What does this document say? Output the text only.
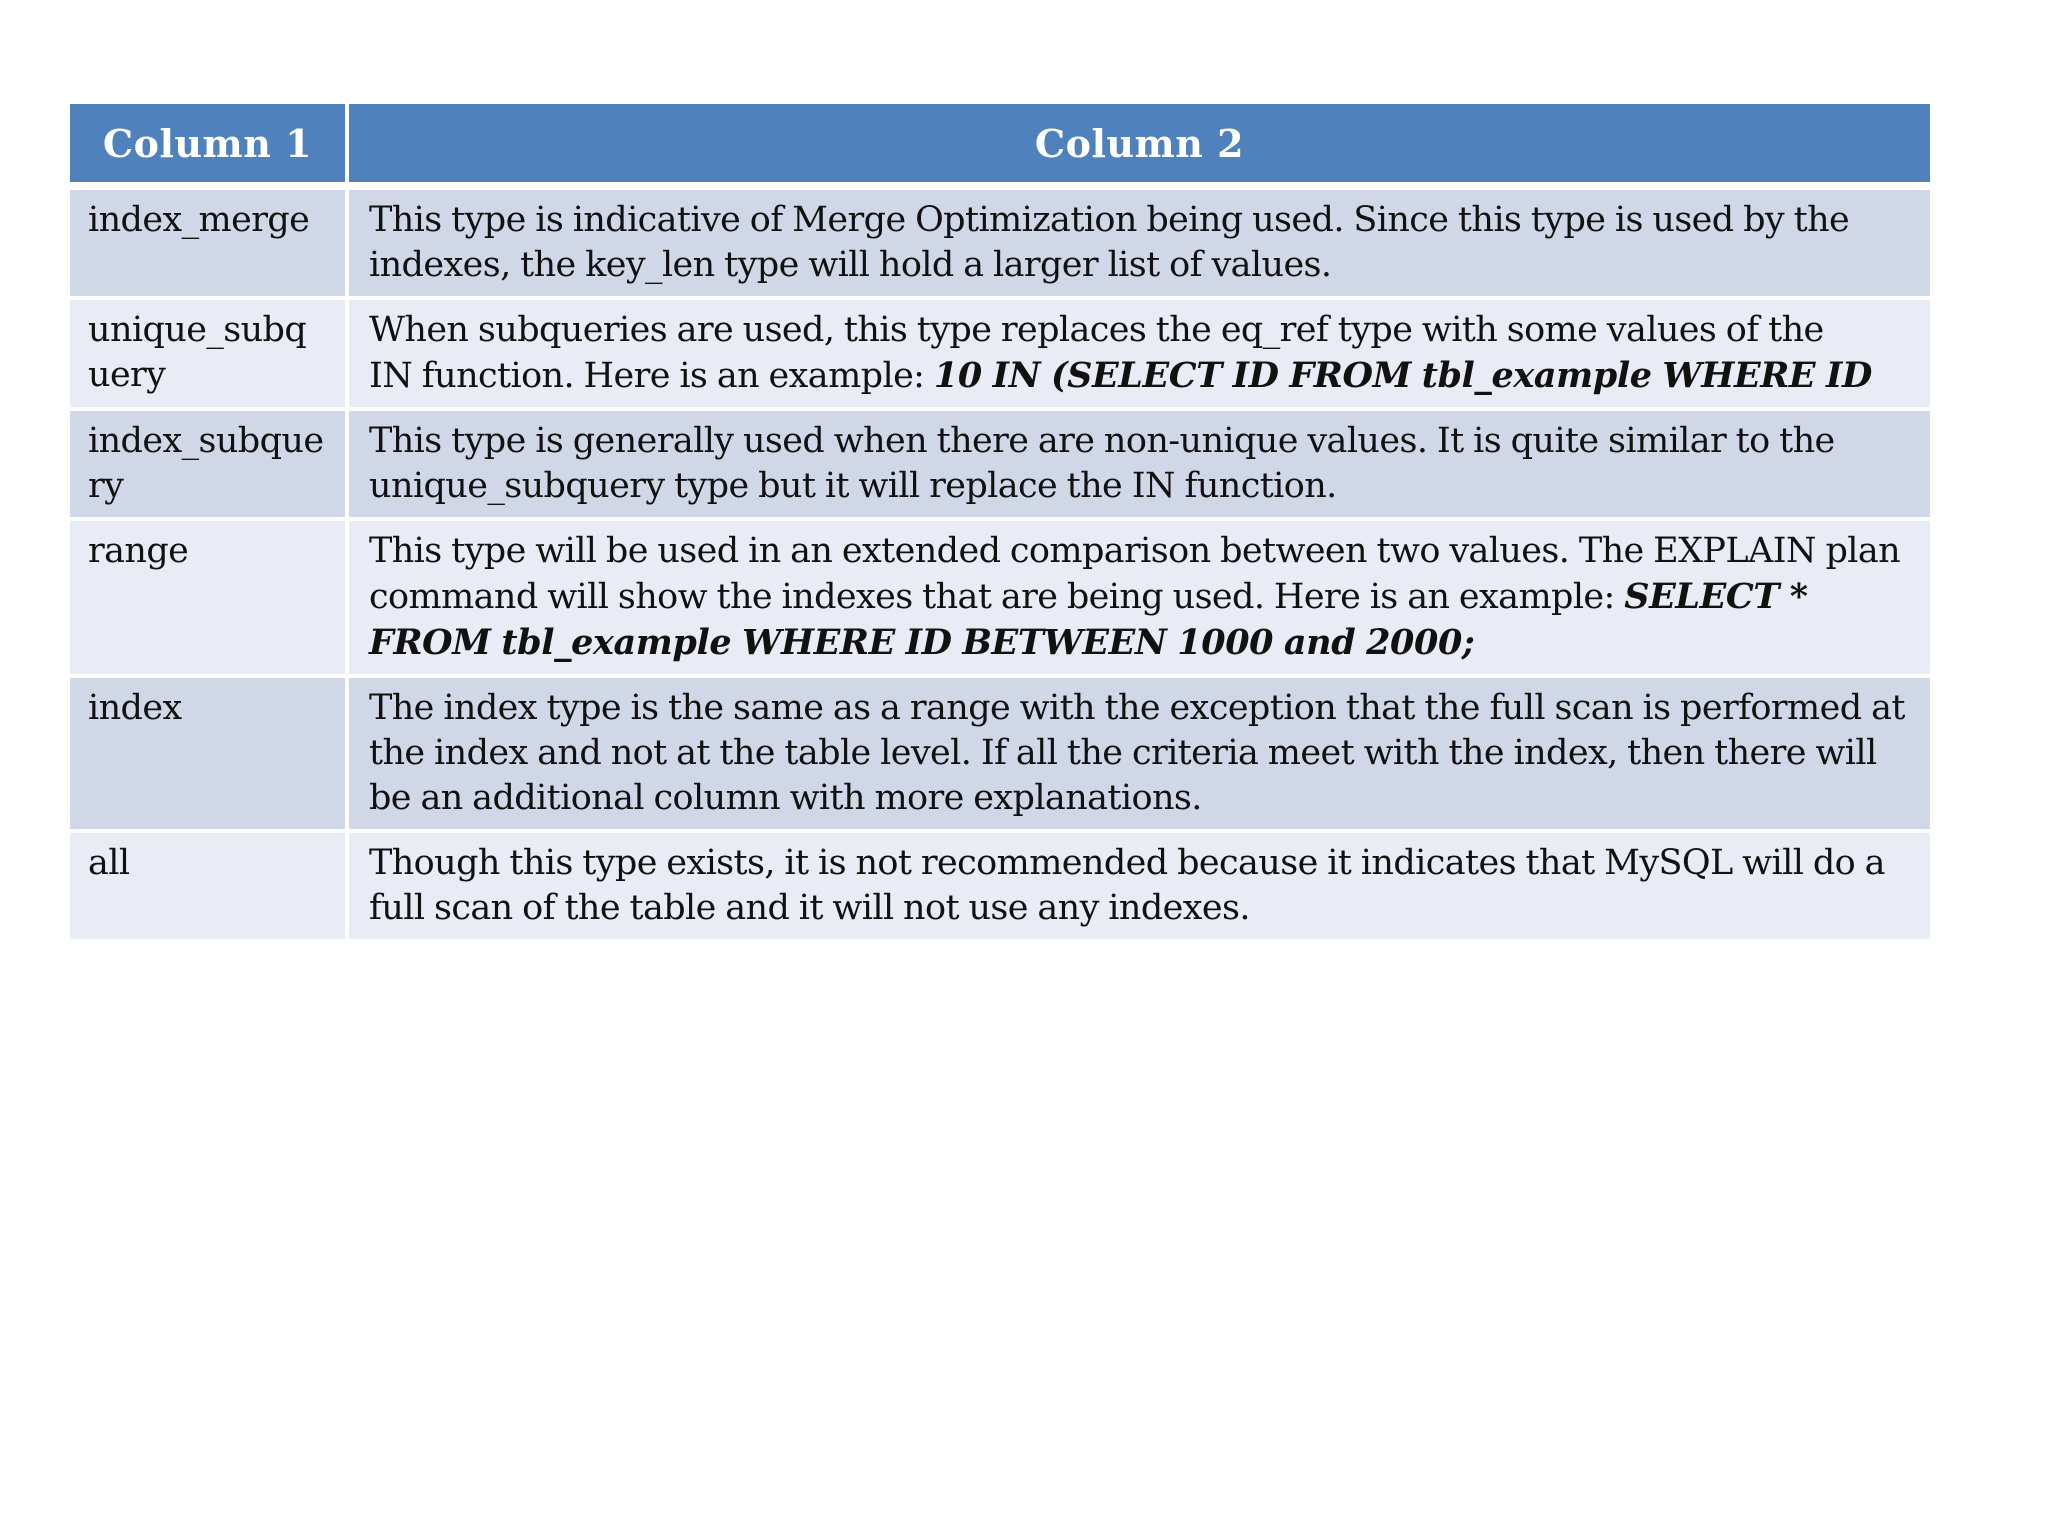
Column 1	Column 2
index_merge	This type is indicative of Merge Optimization being used. Since this type is used by the indexes, the key_len type will hold a larger list of values.
unique_subquery	When subqueries are used, this type replaces the eq_ref type with some values of the
IN function. Here is an example: 10 IN (SELECT ID FROM tbl_example WHERE ID

index_subquery	This type is generally used when there are non-unique values. It is quite similar to the unique_subquery type but it will replace the IN function.
range	This type will be used in an extended comparison between two values. The EXPLAIN plan command will show the indexes that are being used. Here is an example: SELECT * FROM tbl_example WHERE ID BETWEEN 1000 and 2000;
index	The index type is the same as a range with the exception that the full scan is performed at the index and not at the table level. If all the criteria meet with the index, then there will be an additional column with more explanations.
all	Though this type exists, it is not recommended because it indicates that MySQL will do a full scan of the table and it will not use any indexes.
